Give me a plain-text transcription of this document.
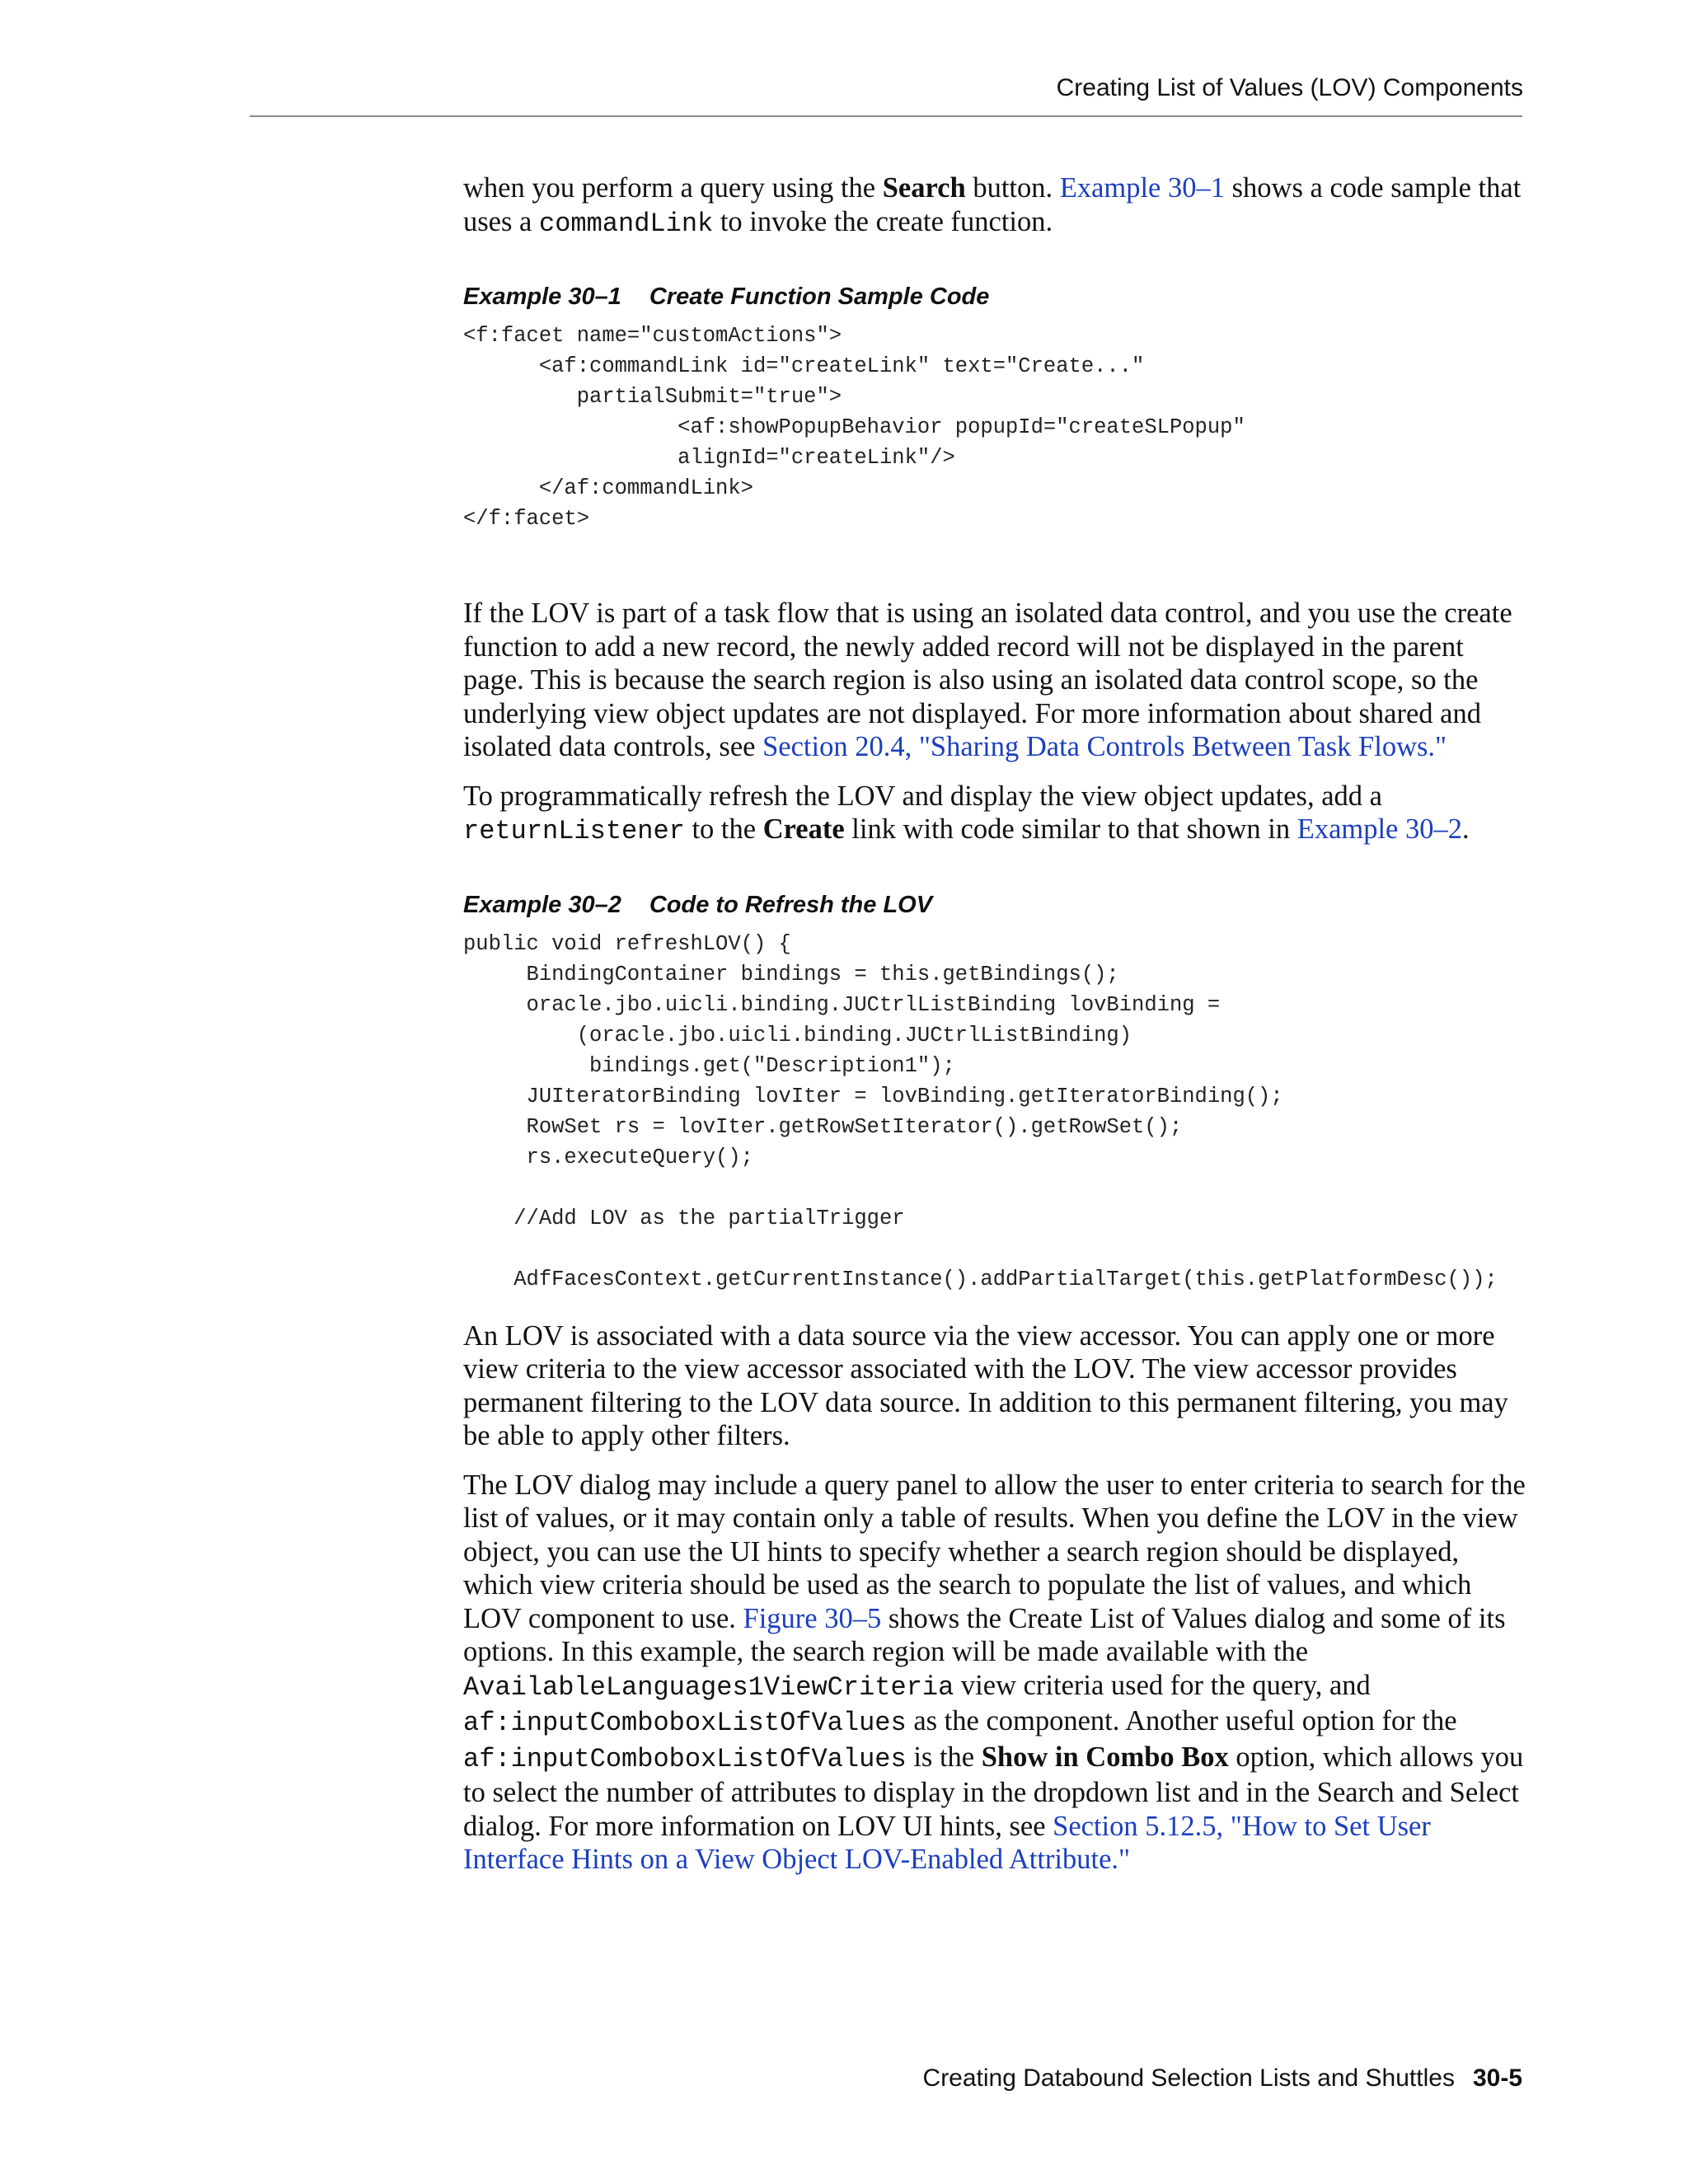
Creating List of Values (LOV) Components

when you perform a query using the Search button. Example 30–1 shows a code sample that uses a commandLink to invoke the create function.

Example 30–1 Create Function Sample Code
<f:facet name="customActions">
<af:commandLink id="createLink" text="Create..."
partialSubmit="true">
<af:showPopupBehavior popupId="createSLPopup"
alignId="createLink"/>
</af:commandLink>
</f:facet>

If the LOV is part of a task flow that is using an isolated data control, and you use the create function to add a new record, the newly added record will not be displayed in the parent page. This is because the search region is also using an isolated data control scope, so the underlying view object updates are not displayed. For more information about shared and isolated data controls, see Section 20.4, "Sharing Data Controls Between Task Flows."

To programmatically refresh the LOV and display the view object updates, add a returnListener to the Create link with code similar to that shown in Example 30–2.

Example 30–2 Code to Refresh the LOV
public void refreshLOV() {
BindingContainer bindings = this.getBindings();
oracle.jbo.uicli.binding.JUCtrlListBinding lovBinding =
(oracle.jbo.uicli.binding.JUCtrlListBinding)
bindings.get("Description1");
JUIteratorBinding lovIter = lovBinding.getIteratorBinding();
RowSet rs = lovIter.getRowSetIterator().getRowSet();
rs.executeQuery();

//Add LOV as the partialTrigger

AdfFacesContext.getCurrentInstance().addPartialTarget(this.getPlatformDesc());

An LOV is associated with a data source via the view accessor. You can apply one or more view criteria to the view accessor associated with the LOV. The view accessor provides permanent filtering to the LOV data source. In addition to this permanent filtering, you may be able to apply other filters.

The LOV dialog may include a query panel to allow the user to enter criteria to search for the list of values, or it may contain only a table of results. When you define the LOV in the view object, you can use the UI hints to specify whether a search region should be displayed, which view criteria should be used as the search to populate the list of values, and which LOV component to use. Figure 30–5 shows the Create List of Values dialog and some of its options. In this example, the search region will be made available with the AvailableLanguages1ViewCriteria view criteria used for the query, and af:inputComboboxListOfValues as the component. Another useful option for the af:inputComboboxListOfValues is the Show in Combo Box option, which allows you to select the number of attributes to display in the dropdown list and in the Search and Select dialog. For more information on LOV UI hints, see Section 5.12.5, "How to Set User Interface Hints on a View Object LOV-Enabled Attribute."

Creating Databound Selection Lists and Shuttles 30-5
